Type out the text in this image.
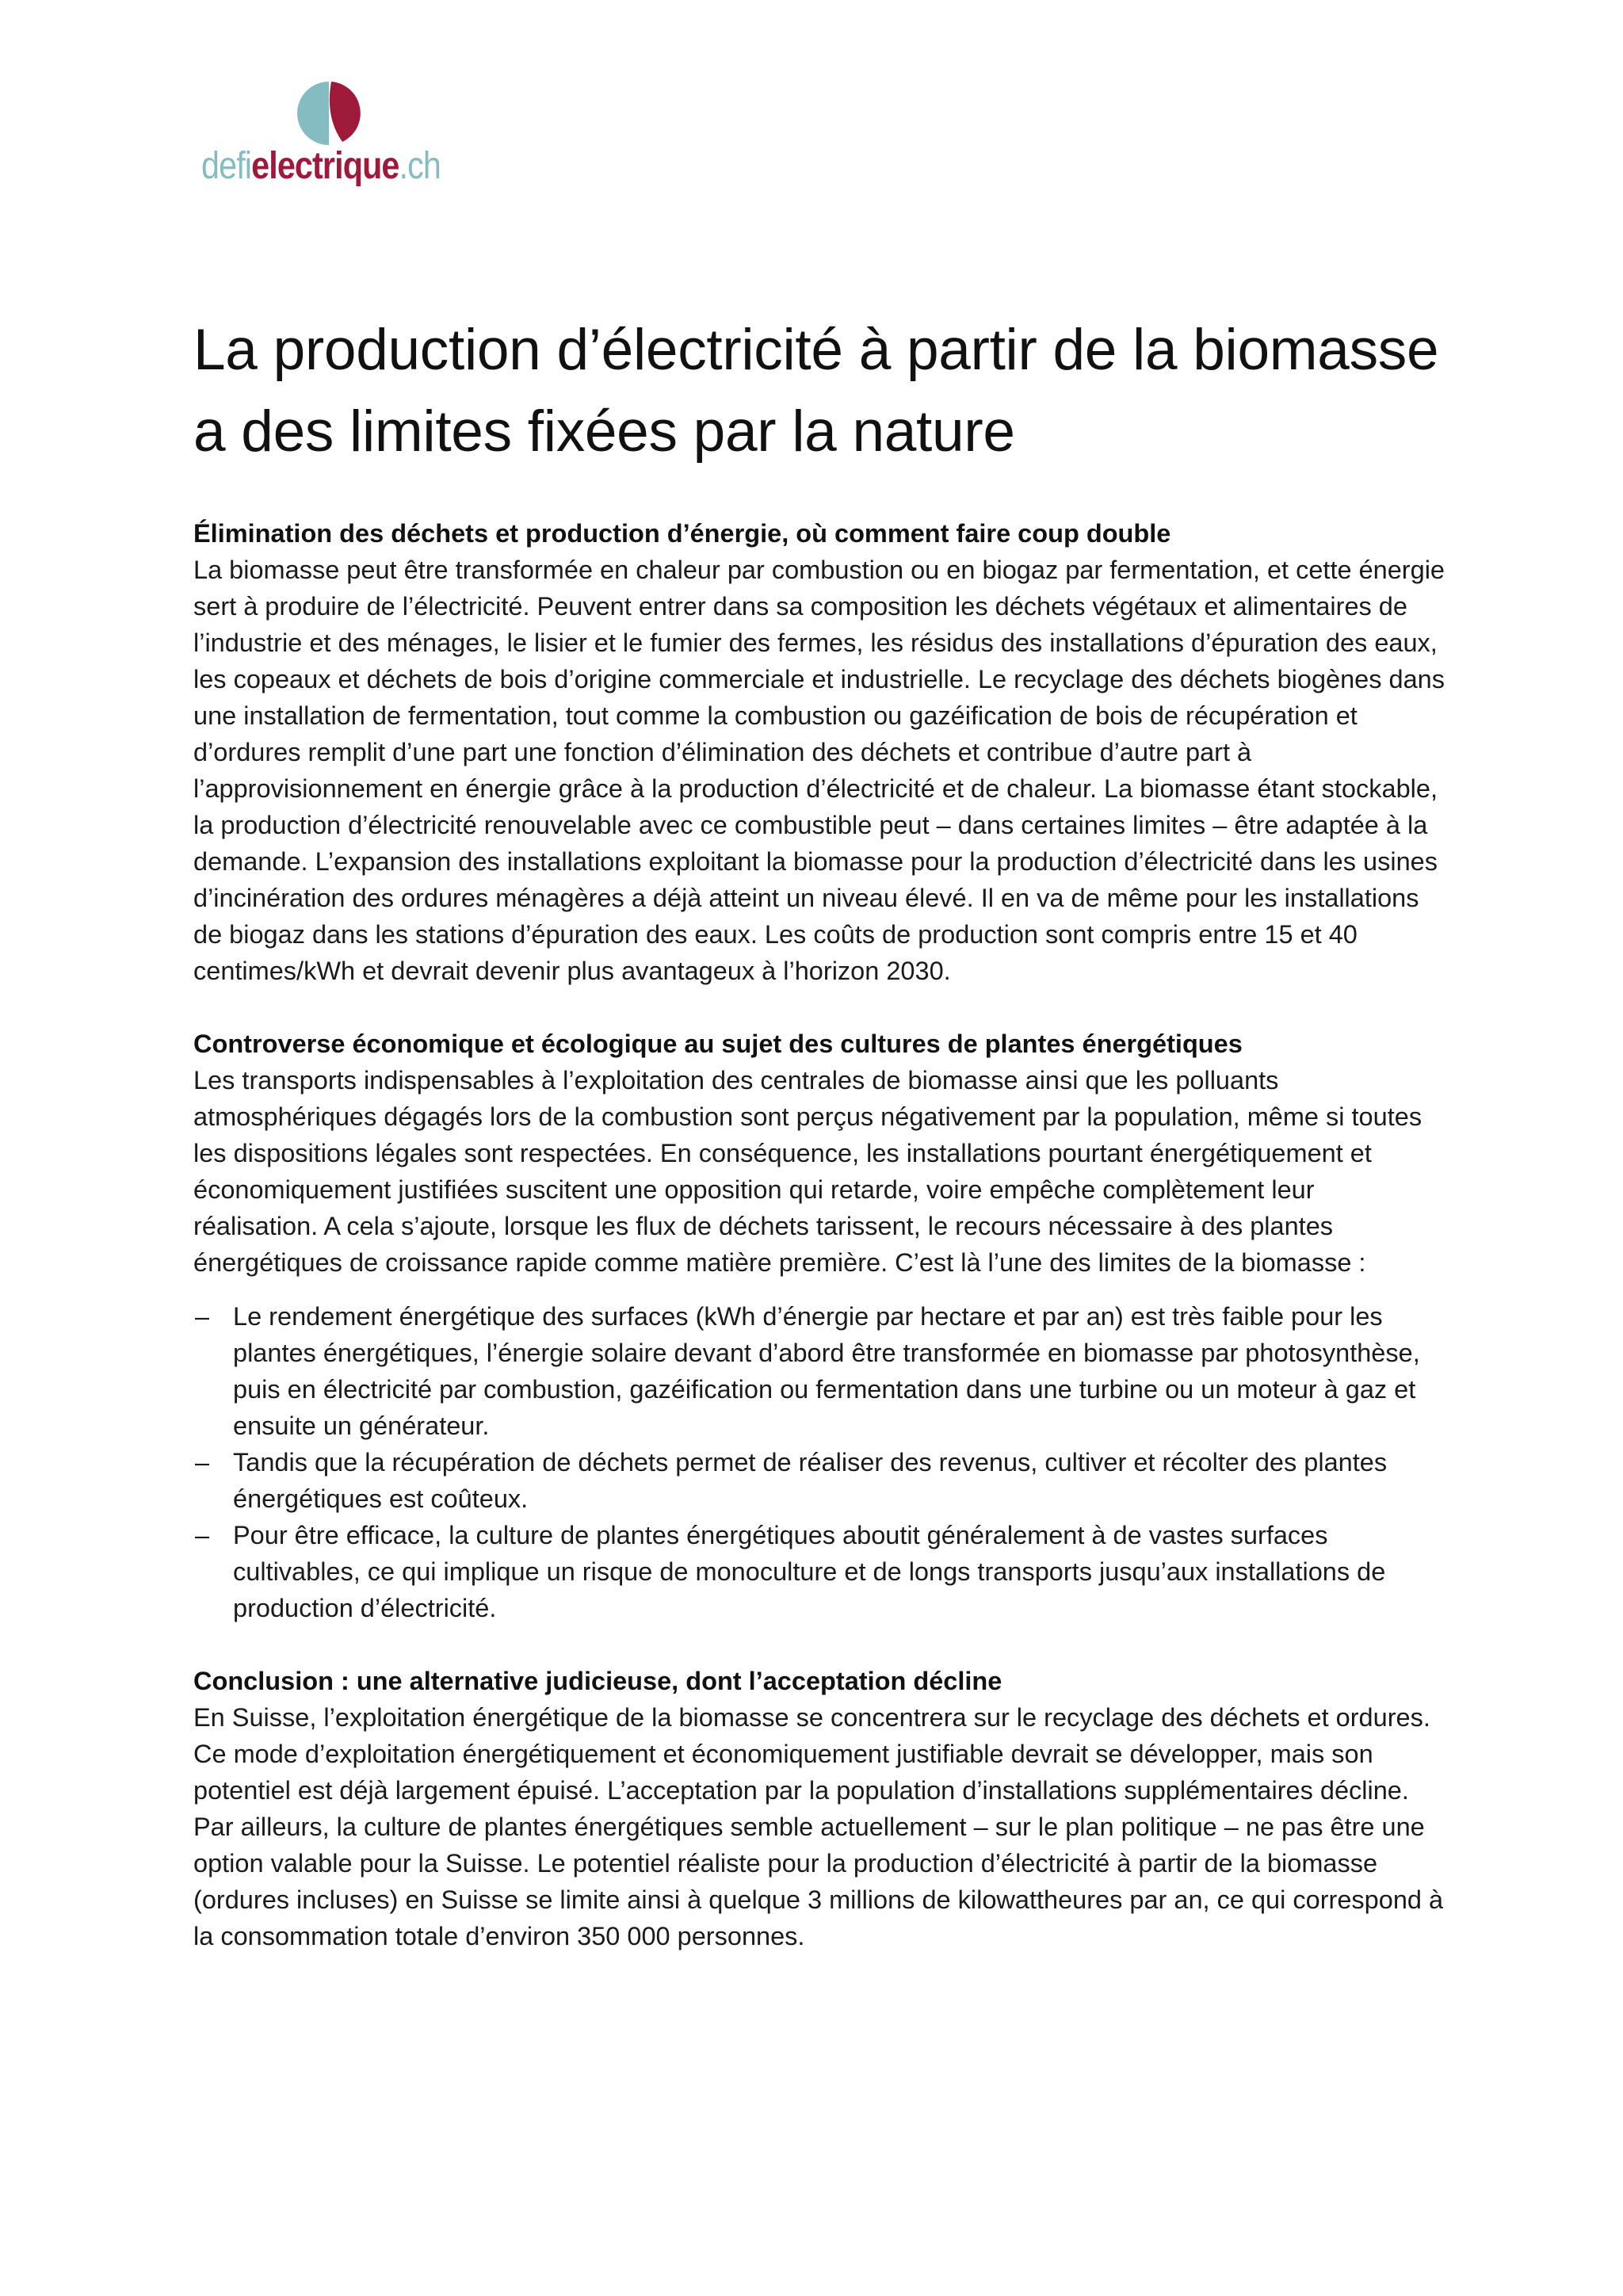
defielectrique.ch
La production d’électricité à partir de la biomasse a des limites fixées par la nature
Élimination des déchets et production d’énergie, où comment faire coup double

La biomasse peut être transformée en chaleur par combustion ou en biogaz par fermentation, et cette énergie sert à produire de l’électricité. Peuvent entrer dans sa composition les déchets végétaux et alimentaires de l’industrie et des ménages, le lisier et le fumier des fermes, les résidus des installations d’épuration des eaux, les copeaux et déchets de bois d’origine commerciale et industrielle. Le recyclage des déchets biogènes dans une installation de fermentation, tout comme la combustion ou gazéification de bois de récupération et d’ordures remplit d’une part une fonction d’élimination des déchets et contribue d’autre part à l’approvisionnement en énergie grâce à la production d’électricité et de chaleur. La biomasse étant stockable, la production d’électricité renouvelable avec ce combustible peut – dans certaines limites – être adaptée à la demande. L’expansion des installations exploitant la biomasse pour la production d’électricité dans les usines d’incinération des ordures ménagères a déjà atteint un niveau élevé. Il en va de même pour les installations de biogaz dans les stations d’épuration des eaux. Les coûts de production sont compris entre 15 et 40 centimes/kWh et devrait devenir plus avantageux à l’horizon 2030.

Controverse économique et écologique au sujet des cultures de plantes énergétiques

Les transports indispensables à l’exploitation des centrales de biomasse ainsi que les polluants atmosphériques dégagés lors de la combustion sont perçus négativement par la population, même si toutes les dispositions légales sont respectées. En conséquence, les installations pourtant énergétiquement et économiquement justifiées suscitent une opposition qui retarde, voire empêche complètement leur réalisation. A cela s’ajoute, lorsque les flux de déchets tarissent, le recours nécessaire à des plantes énergétiques de croissance rapide comme matière première. C’est là l’une des limites de la biomasse :

– Le rendement énergétique des surfaces (kWh d’énergie par hectare et par an) est très faible pour les plantes énergétiques, l’énergie solaire devant d’abord être transformée en biomasse par photosynthèse, puis en électricité par combustion, gazéification ou fermentation dans une turbine ou un moteur à gaz et ensuite un générateur.
– Tandis que la récupération de déchets permet de réaliser des revenus, cultiver et récolter des plantes énergétiques est coûteux.
– Pour être efficace, la culture de plantes énergétiques aboutit généralement à de vastes surfaces cultivables, ce qui implique un risque de monoculture et de longs transports jusqu’aux installations de production d’électricité.
Conclusion : une alternative judicieuse, dont l’acceptation décline

En Suisse, l’exploitation énergétique de la biomasse se concentrera sur le recyclage des déchets et ordures. Ce mode d’exploitation énergétiquement et économiquement justifiable devrait se développer, mais son potentiel est déjà largement épuisé. L’acceptation par la population d’installations supplémentaires décline. Par ailleurs, la culture de plantes énergétiques semble actuellement – sur le plan politique – ne pas être une option valable pour la Suisse. Le potentiel réaliste pour la production d’électricité à partir de la biomasse (ordures incluses) en Suisse se limite ainsi à quelque 3 millions de kilowattheures par an, ce qui correspond à la consommation totale d’environ 350 000 personnes.
